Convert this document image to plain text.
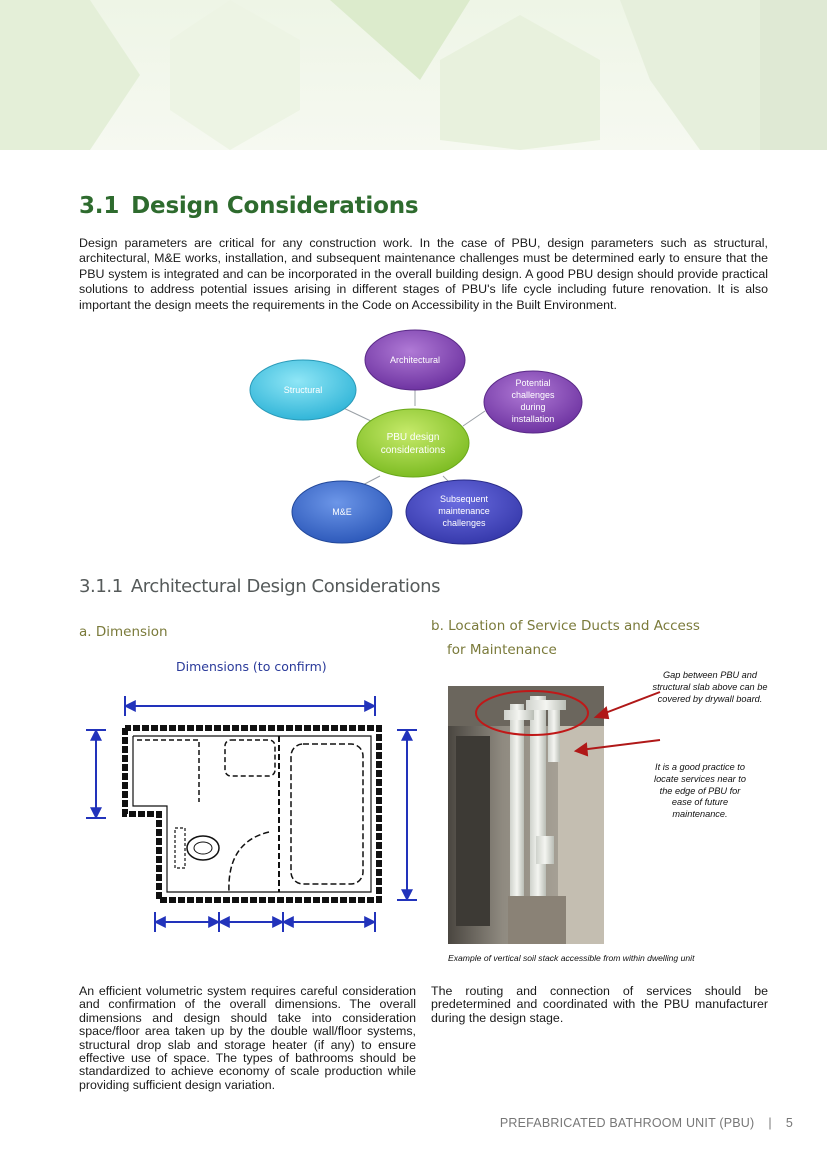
3.1 Design Considerations

Design parameters are critical for any construction work. In the case of PBU, design parameters such as structural, architectural, M&E works, installation, and subsequent maintenance challenges must be determined early to ensure that the PBU system is integrated and can be incorporated in the overall building design. A good PBU design should provide practical solutions to address potential issues arising in different stages of PBU's life cycle including future renovation. It is also important the design meets the requirements in the Code on Accessibility in the Built Environment.

Structural
Architectural
Potential
challenges
during
installation
PBU design
considerations
M&E
Subsequent
maintenance
challenges
3.1.1 Architectural Design Considerations
a. Dimension	b. Location of Service Ducts and Access
for Maintenance
Dimensions (to confirm)
Gap between PBU and structural slab above can be covered by drywall board.
It is a good practice to locate services near to the edge of PBU for ease of future maintenance.
Example of vertical soil stack accessible from within dwelling unit

An efficient volumetric system requires careful consideration and confirmation of the overall dimensions. The overall dimensions and design should take into consideration space/floor area taken up by the double wall/floor systems, structural drop slab and storage heater (if any) to ensure effective use of space. The types of bathrooms should be standardized to achieve economy of scale production while providing sufficient design variation.

The routing and connection of services should be predetermined and coordinated with the PBU manufacturer during the design stage.

PREFABRICATED BATHROOM UNIT (PBU) | 5
